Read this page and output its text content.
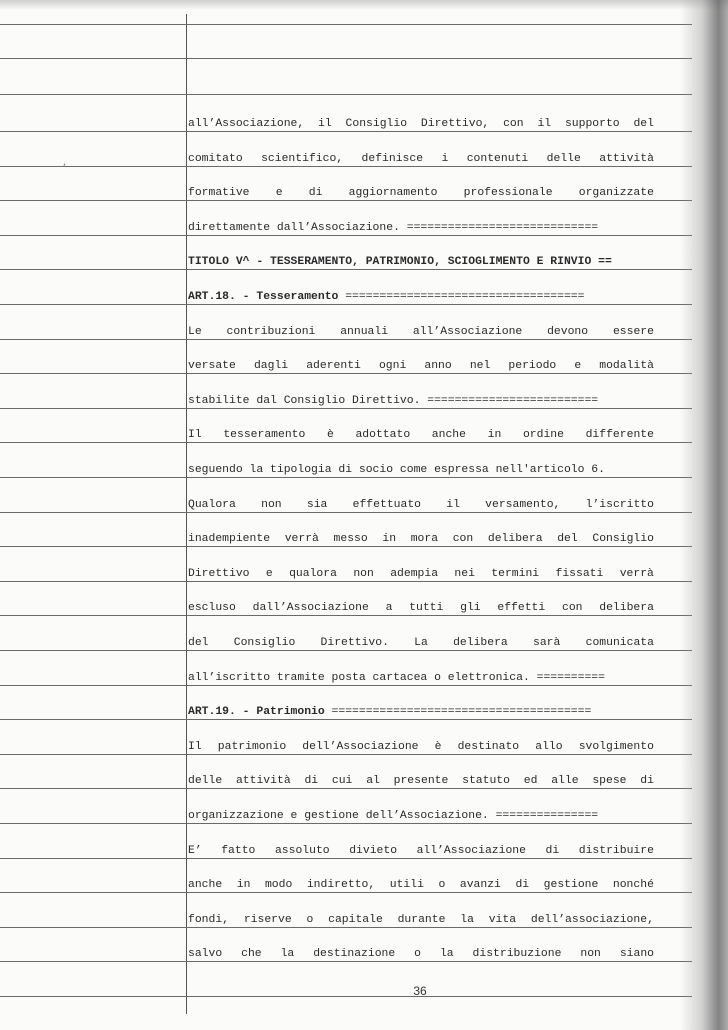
all’Associazione, il Consiglio Direttivo, con il supporto del
comitato scientifico, definisce i contenuti delle attività
formative e di aggiornamento professionale organizzate
direttamente dall’Associazione. ============================
TITOLO V^ - TESSERAMENTO, PATRIMONIO, SCIOGLIMENTO E RINVIO ==
ART.18. - Tesseramento ===================================
Le contribuzioni annuali all’Associazione devono essere
versate dagli aderenti ogni anno nel periodo e modalità
stabilite dal Consiglio Direttivo. =========================
Il tesseramento è adottato anche in ordine differente
seguendo la tipologia di socio come espressa nell'articolo 6.
Qualora non sia effettuato il versamento, l’iscritto
inadempiente verrà messo in mora con delibera del Consiglio
Direttivo e qualora non adempia nei termini fissati verrà
escluso dall’Associazione a tutti gli effetti con delibera
del Consiglio Direttivo. La delibera sarà comunicata
all’iscritto tramite posta cartacea o elettronica. ==========
ART.19. - Patrimonio ======================================
Il patrimonio dell’Associazione è destinato allo svolgimento
delle attività di cui al presente statuto ed alle spese di
organizzazione e gestione dell’Associazione. ===============
E’ fatto assoluto divieto all’Associazione di distribuire
anche in modo indiretto, utili o avanzi di gestione nonché
fondi, riserve o capitale durante la vita dell’associazione,
salvo che la destinazione o la distribuzione non siano
,
36
